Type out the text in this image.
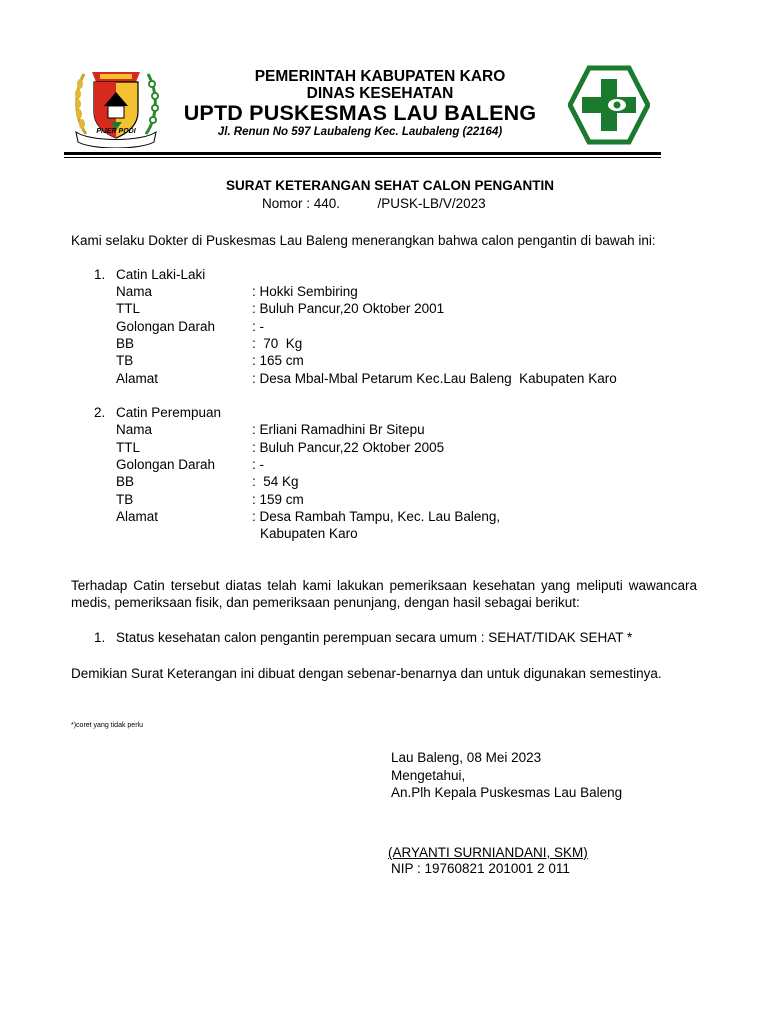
PIJER PODI
PEMERINTAH KABUPATEN KARO
DINAS KESEHATAN
UPTD PUSKESMAS LAU BALENG
Jl. Renun No 597 Laubaleng Kec. Laubaleng (22164)
SURAT KETERANGAN SEHAT CALON PENGANTIN
Nomor : 440.          /PUSK-LB/V/2023
Kami selaku Dokter di Puskesmas Lau Baleng menerangkan bahwa calon pengantin di bawah ini:
1. Catin Laki-Laki
Nama	: Hokki Sembiring
TTL	: Buluh Pancur,20 Oktober 2001
Golongan Darah	: -
BB	:  70  Kg
TB	: 165 cm
Alamat	: Desa Mbal-Mbal Petarum Kec.Lau Baleng  Kabupaten Karo
2. Catin Perempuan
Nama	: Erliani Ramadhini Br Sitepu
TTL	: Buluh Pancur,22 Oktober 2005
Golongan Darah	: -
BB	:  54 Kg
TB	: 159 cm
Alamat	: Desa Rambah Tampu, Kec. Lau Baleng,
Kabupaten Karo
Terhadap Catin tersebut diatas telah kami lakukan pemeriksaan kesehatan yang meliputi wawancara medis, pemeriksaan fisik, dan pemeriksaan penunjang, dengan hasil sebagai berikut:
1. Status kesehatan calon pengantin perempuan secara umum : SEHAT/TIDAK SEHAT *
Demikian Surat Keterangan ini dibuat dengan sebenar-benarnya dan untuk digunakan semestinya.
*)coret yang tidak perlu
Lau Baleng, 08 Mei 2023
Mengetahui,
An.Plh Kepala Puskesmas Lau Baleng
(ARYANTI SURNIANDANI, SKM)
NIP : 19760821 201001 2 011
